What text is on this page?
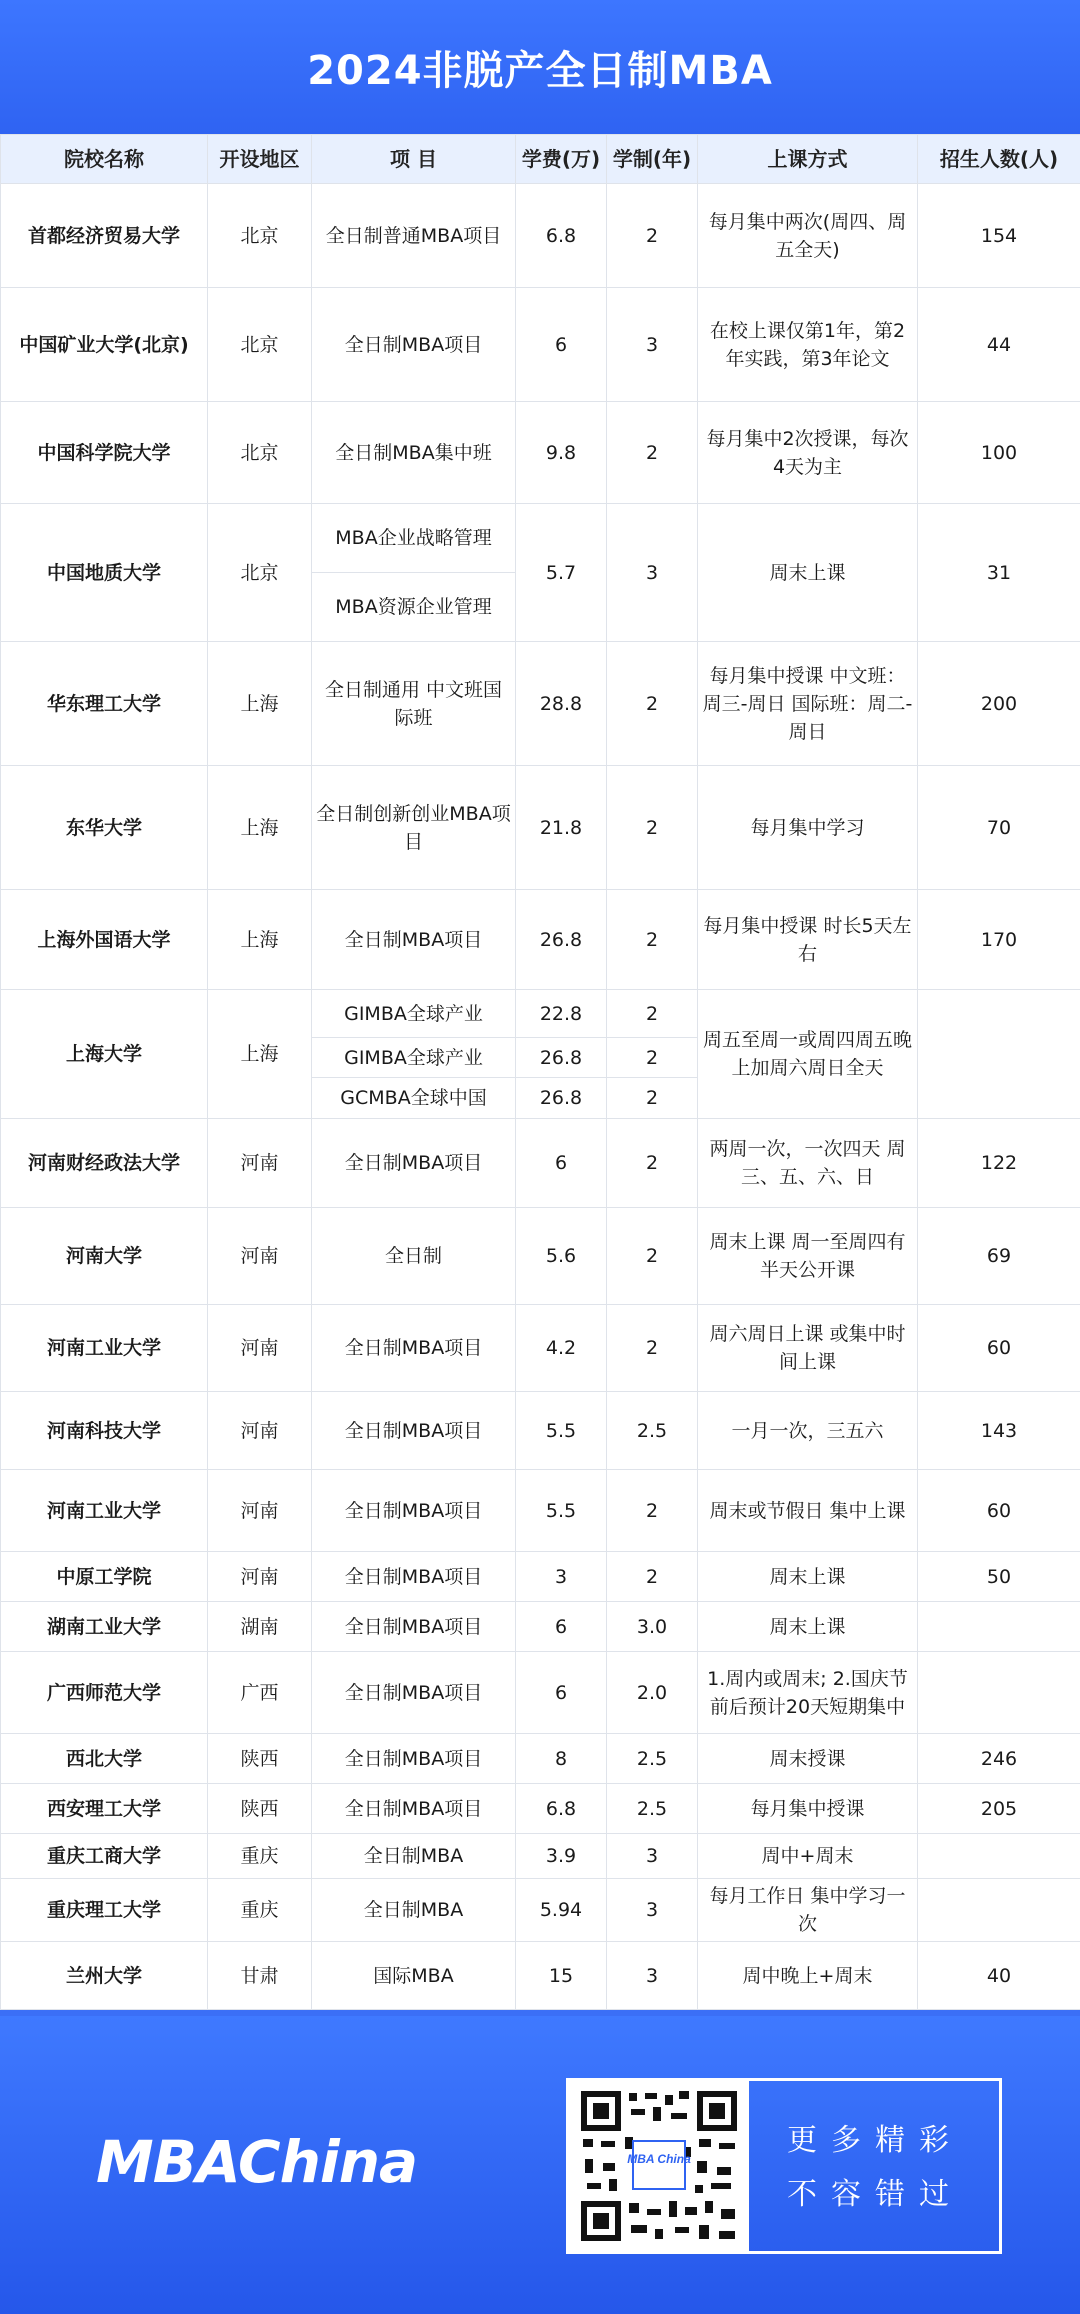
2024非脱产全日制MBA
院校名称	开设地区	项 目	学费(万)	学制(年)	上课方式	招生人数(人)
首都经济贸易大学	北京	全日制普通MBA项目	6.8	2	每月集中两次(周四、周五全天)	154
中国矿业大学(北京)	北京	全日制MBA项目	6	3	在校上课仅第1年，第2年实践，第3年论文	44
中国科学院大学	北京	全日制MBA集中班	9.8	2	每月集中2次授课，每次4天为主	100
中国地质大学	北京	MBA企业战略管理	5.7	3	周末上课	31
		MBA资源企业管理				
华东理工大学	上海	全日制通用 中文班国际班	28.8	2	每月集中授课 中文班：周三-周日 国际班：周二-周日	200
东华大学	上海	全日制创新创业MBA项目	21.8	2	每月集中学习	70
上海外国语大学	上海	全日制MBA项目	26.8	2	每月集中授课 时长5天左右	170
上海大学	上海	GIMBA全球产业	22.8	2	周五至周一或周四周五晚上加周六周日全天	
		GIMBA全球产业	26.8	2		
		GCMBA全球中国	26.8	2		
河南财经政法大学	河南	全日制MBA项目	6	2	两周一次，一次四天 周三、五、六、日	122
河南大学	河南	全日制	5.6	2	周末上课 周一至周四有半天公开课	69
河南工业大学	河南	全日制MBA项目	4.2	2	周六周日上课 或集中时间上课	60
河南科技大学	河南	全日制MBA项目	5.5	2.5	一月一次，三五六	143
河南工业大学	河南	全日制MBA项目	5.5	2	周末或节假日 集中上课	60
中原工学院	河南	全日制MBA项目	3	2	周末上课	50
湖南工业大学	湖南	全日制MBA项目	6	3.0	周末上课	
广西师范大学	广西	全日制MBA项目	6	2.0	1.周内或周末; 2.国庆节前后预计20天短期集中	
西北大学	陕西	全日制MBA项目	8	2.5	周末授课	246
西安理工大学	陕西	全日制MBA项目	6.8	2.5	每月集中授课	205
重庆工商大学	重庆	全日制MBA	3.9	3	周中+周末	
重庆理工大学	重庆	全日制MBA	5.94	3	每月工作日 集中学习一次	
兰州大学	甘肃	国际MBA	15	3	周中晚上+周末	40
MBAChina	MBA China
更多精彩
不容错过
